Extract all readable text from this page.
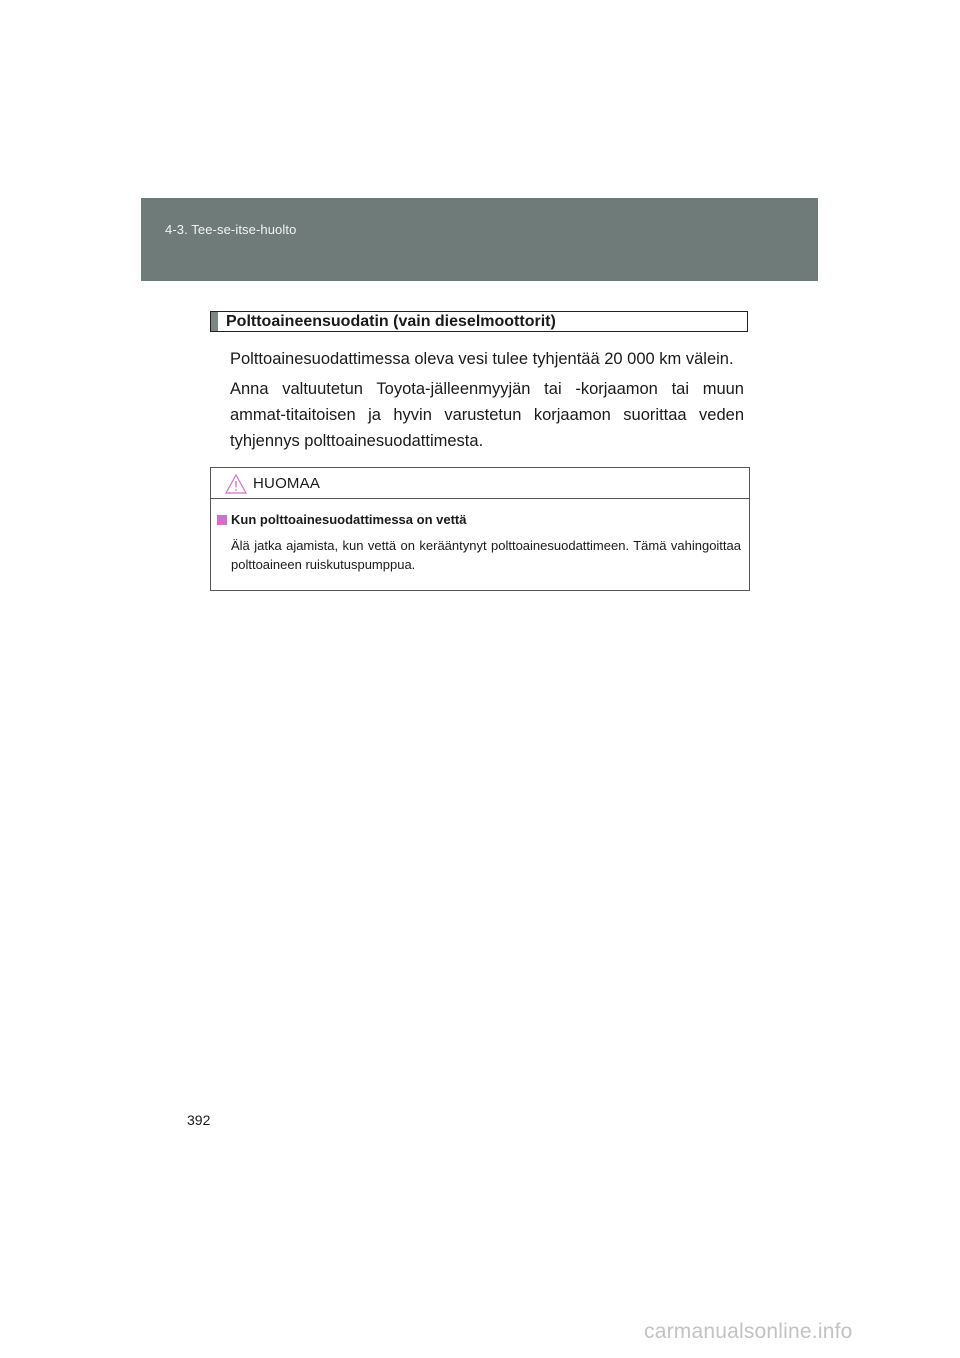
4-3. Tee-se-itse-huolto
Polttoaineensuodatin (vain dieselmoottorit)

Polttoainesuodattimessa oleva vesi tulee tyhjentää 20 000 km välein.

Anna valtuutetun Toyota-jälleenmyyjän tai -korjaamon tai muun ammat-titaitoisen ja hyvin varustetun korjaamon suorittaa veden tyhjennys polttoainesuodattimesta.

HUOMAA
Kun polttoainesuodattimessa on vettä

Älä jatka ajamista, kun vettä on kerääntynyt polttoainesuodattimeen. Tämä vahingoittaa polttoaineen ruiskutuspumppua.

392
carmanualsonline.info
